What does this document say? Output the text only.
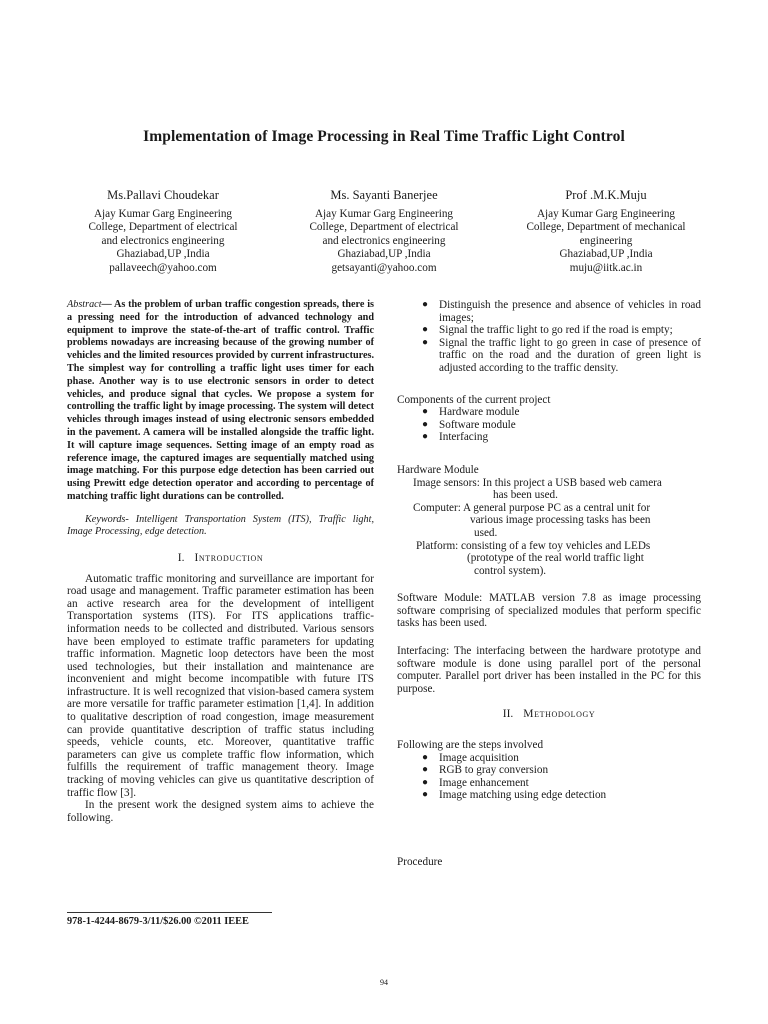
Implementation of Image Processing in Real Time Traffic Light Control
Ms.Pallavi Choudekar
Ajay Kumar Garg Engineering
College, Department of electrical
and electronics engineering
Ghaziabad,UP ,India
pallaveech@yahoo.com
Ms. Sayanti Banerjee
Ajay Kumar Garg Engineering
College, Department of electrical
and electronics engineering
Ghaziabad,UP ,India
getsayanti@yahoo.com
Prof .M.K.Muju
Ajay Kumar Garg Engineering
College, Department of mechanical
engineering
Ghaziabad,UP ,India
muju@iitk.ac.in
Abstract— As the problem of urban traffic congestion spreads, there is a pressing need for the introduction of advanced technology and equipment to improve the state-of-the-art of traffic control. Traffic problems nowadays are increasing because of the growing number of vehicles and the limited resources provided by current infrastructures. The simplest way for controlling a traffic light uses timer for each phase. Another way is to use electronic sensors in order to detect vehicles, and produce signal that cycles. We propose a system for controlling the traffic light by image processing. The system will detect vehicles through images instead of using electronic sensors embedded in the pavement. A camera will be installed alongside the traffic light. It will capture image sequences. Setting image of an empty road as reference image, the captured images are sequentially matched using image matching. For this purpose edge detection has been carried out using Prewitt edge detection operator and according to percentage of matching traffic light durations can be controlled.
Keywords- Intelligent Transportation System (ITS), Traffic light, Image Processing, edge detection.
I. Introduction

Automatic traffic monitoring and surveillance are important for road usage and management. Traffic parameter estimation has been an active research area for the development of intelligent Transportation systems (ITS). For ITS applications traffic- information needs to be collected and distributed. Various sensors have been employed to estimate traffic parameters for updating traffic information. Magnetic loop detectors have been the most used technologies, but their installation and maintenance are inconvenient and might become incompatible with future ITS infrastructure. It is well recognized that vision-based camera system are more versatile for traffic parameter estimation [1,4]. In addition to qualitative description of road congestion, image measurement can provide quantitative description of traffic status including speeds, vehicle counts, etc. Moreover, quantitative traffic parameters can give us complete traffic flow information, which fulfills the requirement of traffic management theory. Image tracking of moving vehicles can give us quantitative description of traffic flow [3].

In the present work the designed system aims to achieve the following.

● Distinguish the presence and absence of vehicles in road images;
● Signal the traffic light to go red if the road is empty;
● Signal the traffic light to go green in case of presence of traffic on the road and the duration of green light is adjusted according to the traffic density.
Components of the current project
● Hardware module
● Software module
● Interfacing
Hardware Module
Image sensors: In this project a USB based web camera
has been used.
Computer: A general purpose PC as a central unit for
various image processing tasks has been
used.
Platform: consisting of a few toy vehicles and LEDs
(prototype of the real world traffic light
control system).
Software Module: MATLAB version 7.8 as image processing software comprising of specialized modules that perform specific tasks has been used.
Interfacing: The interfacing between the hardware prototype and software module is done using parallel port of the personal computer. Parallel port driver has been installed in the PC for this purpose.
II. Methodology
Following are the steps involved
● Image acquisition
● RGB to gray conversion
● Image enhancement
● Image matching using edge detection
Procedure
978-1-4244-8679-3/11/$26.00 ©2011 IEEE
94
